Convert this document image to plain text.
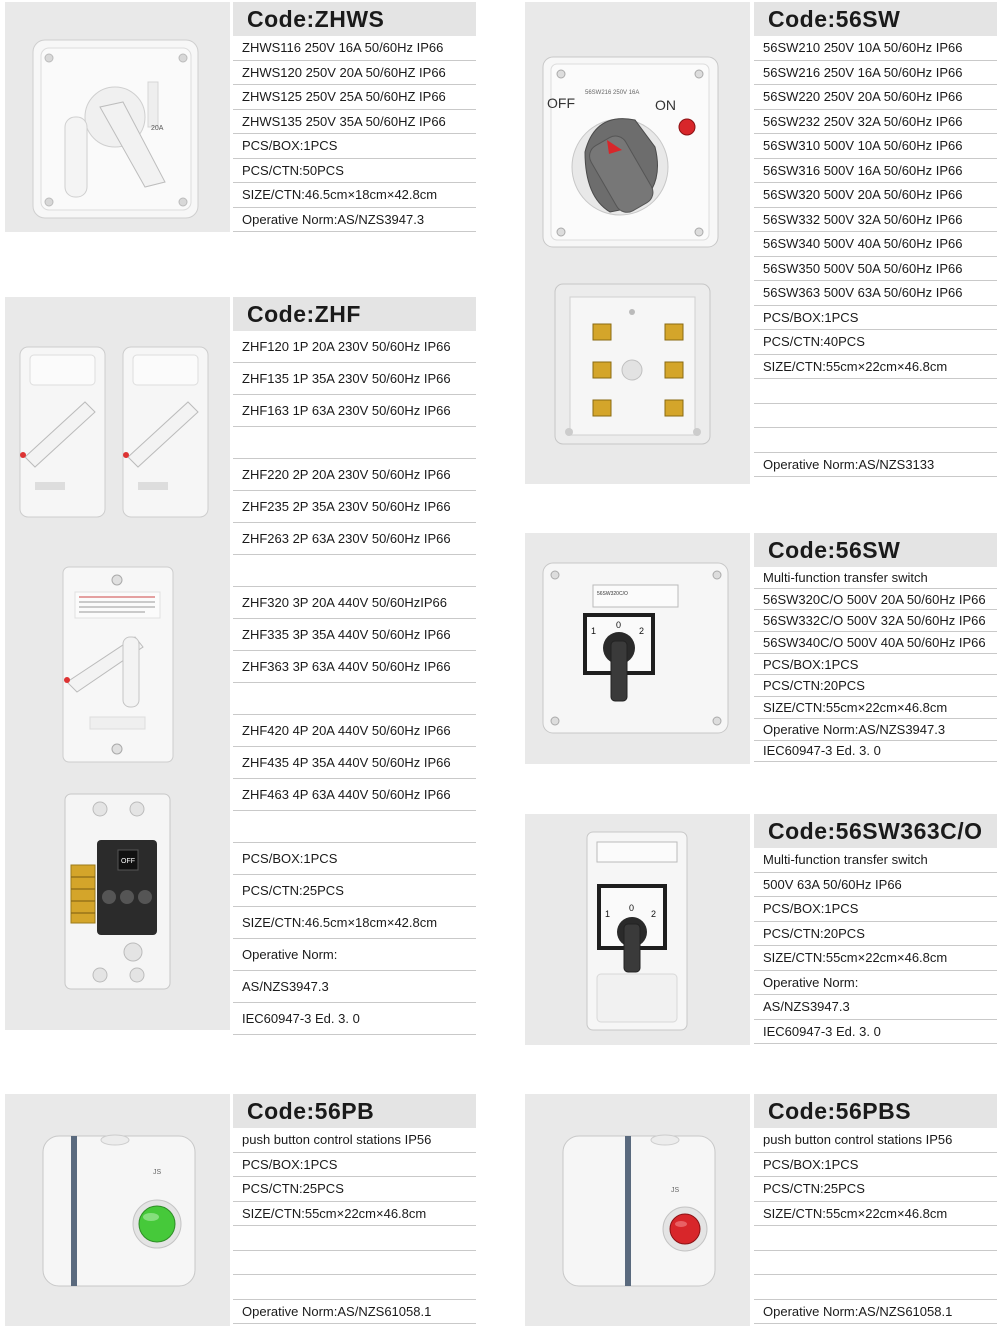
20A
Code:ZHWS
ZHWS116 250V 16A 50/60Hz IP66
ZHWS120 250V 20A 50/60HZ IP66
ZHWS125 250V 25A 50/60HZ IP66
ZHWS135 250V 35A 50/60HZ IP66
PCS/BOX:1PCS
PCS/CTN:50PCS
SIZE/CTN:46.5cm×18cm×42.8cm
Operative Norm:AS/NZS3947.3
OFF
Code:ZHF
ZHF120 1P 20A 230V 50/60Hz IP66
ZHF135 1P 35A 230V 50/60Hz IP66
ZHF163 1P 63A 230V 50/60Hz IP66
ZHF220 2P 20A 230V 50/60Hz IP66
ZHF235 2P 35A 230V 50/60Hz IP66
ZHF263 2P 63A 230V 50/60Hz IP66
ZHF320 3P 20A 440V 50/60HzIP66
ZHF335 3P 35A 440V 50/60Hz IP66
ZHF363 3P 63A 440V 50/60Hz IP66
ZHF420 4P 20A 440V 50/60Hz IP66
ZHF435 4P 35A 440V 50/60Hz IP66
ZHF463 4P 63A 440V 50/60Hz IP66
PCS/BOX:1PCS
PCS/CTN:25PCS
SIZE/CTN:46.5cm×18cm×42.8cm
Operative Norm:
AS/NZS3947.3
IEC60947-3 Ed. 3. 0
OFF	ON
56SW216 250V 16A
Code:56SW
56SW210 250V 10A 50/60Hz IP66
56SW216 250V 16A 50/60Hz IP66
56SW220 250V 20A 50/60Hz IP66
56SW232 250V 32A 50/60Hz IP66
56SW310 500V 10A 50/60Hz IP66
56SW316 500V 16A 50/60Hz IP66
56SW320 500V 20A 50/60Hz IP66
56SW332 500V 32A 50/60Hz IP66
56SW340 500V 40A 50/60Hz IP66
56SW350 500V 50A 50/60Hz IP66
56SW363 500V 63A 50/60Hz IP66
PCS/BOX:1PCS
PCS/CTN:40PCS
SIZE/CTN:55cm×22cm×46.8cm
Operative Norm:AS/NZS3133
56SW320C/O
1
0
2
Code:56SW
Multi-function transfer switch
56SW320C/O 500V 20A 50/60Hz IP66
56SW332C/O 500V 32A 50/60Hz IP66
56SW340C/O 500V 40A 50/60Hz IP66
PCS/BOX:1PCS
PCS/CTN:20PCS
SIZE/CTN:55cm×22cm×46.8cm
Operative Norm:AS/NZS3947.3
IEC60947-3 Ed. 3. 0
1
0
2
Code:56SW363C/O
Multi-function transfer switch
500V 63A 50/60Hz IP66
PCS/BOX:1PCS
PCS/CTN:20PCS
SIZE/CTN:55cm×22cm×46.8cm
Operative Norm:
AS/NZS3947.3
IEC60947-3 Ed. 3. 0
JS
Code:56PB
push button control stations IP56
PCS/BOX:1PCS
PCS/CTN:25PCS
SIZE/CTN:55cm×22cm×46.8cm
Operative Norm:AS/NZS61058.1
JS
Code:56PBS
push button control stations IP56
PCS/BOX:1PCS
PCS/CTN:25PCS
SIZE/CTN:55cm×22cm×46.8cm
Operative Norm:AS/NZS61058.1
